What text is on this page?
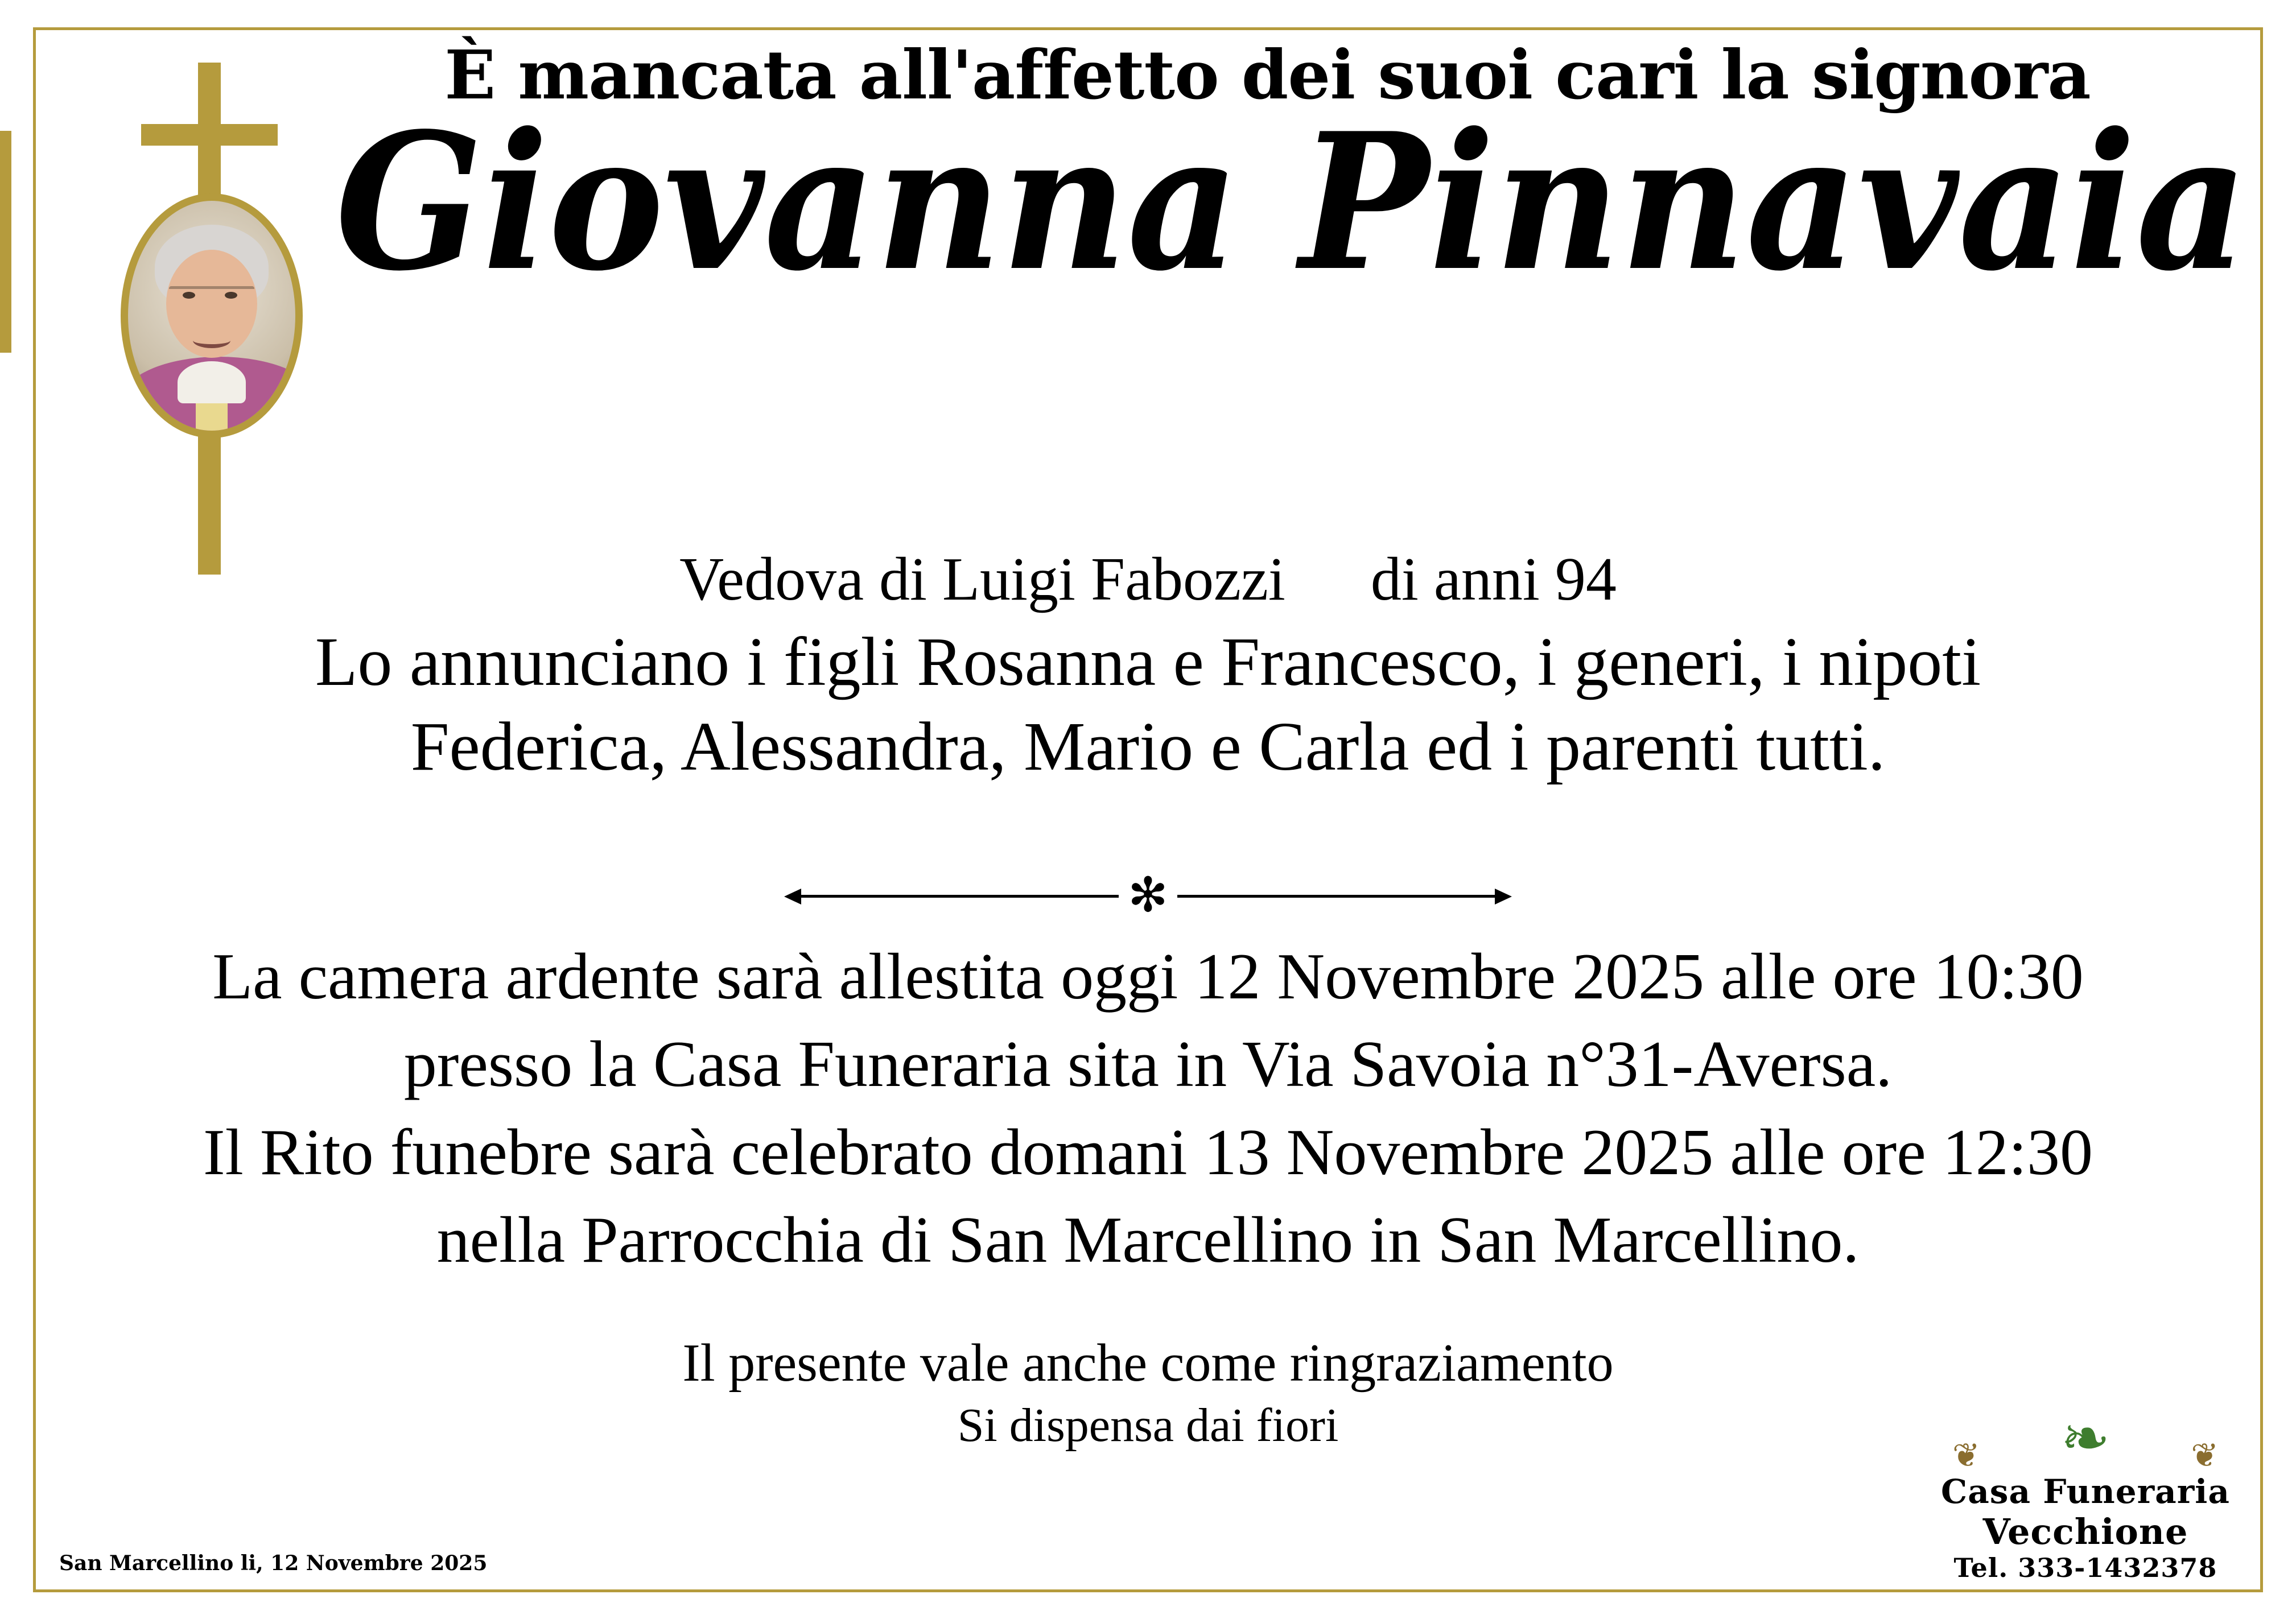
È mancata all'affetto dei suoi cari la signora
Giovanna Pinnavaia
Vedova di Luigi Fabozzi di anni 94
Lo annunciano i figli Rosanna e Francesco, i generi, i nipoti
Federica, Alessandra, Mario e Carla ed i parenti tutti.
✻
La camera ardente sarà allestita oggi 12 Novembre 2025 alle ore 10:30
presso la Casa Funeraria sita in Via Savoia n°31-Aversa.
Il Rito funebre sarà celebrato domani 13 Novembre 2025 alle ore 12:30
nella Parrocchia di San Marcellino in San Marcellino.
Il presente vale anche come ringraziamento
Si dispensa dai fiori
San Marcellino li, 12 Novembre 2025
❧
❦	❦
Casa Funeraria
Vecchione
Tel. 333-1432378
